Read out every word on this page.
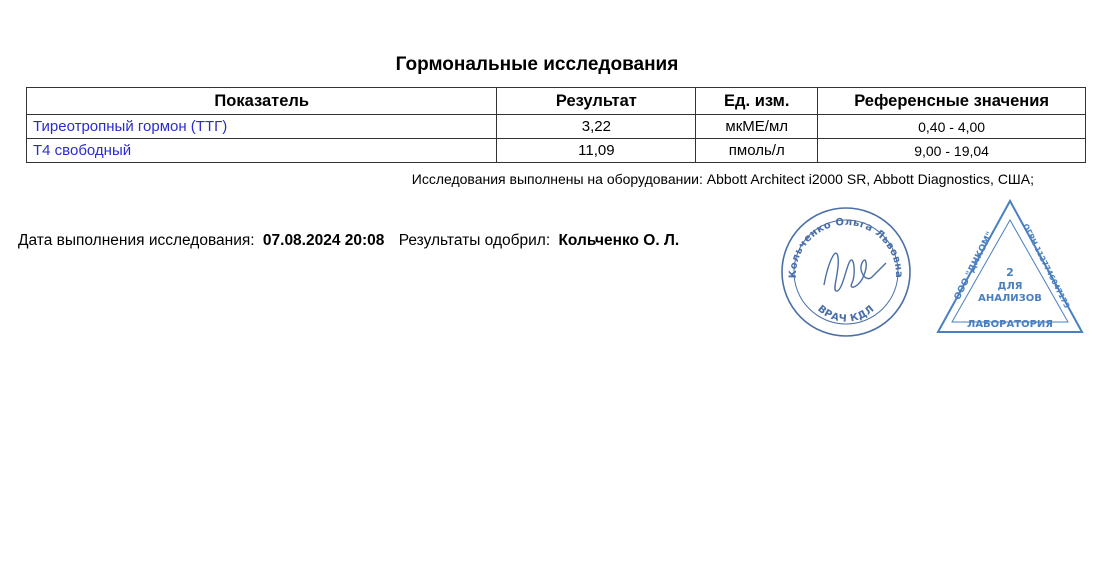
Гормональные исследования
Показатель	Результат	Ед. изм.	Референсные значения
Тиреотропный гормон (ТТГ)	3,22	мкМЕ/мл	0,40 - 4,00
Т4 свободный	11,09	пмоль/л	9,00 - 19,04
Исследования выполнены на оборудовании: Abbott Architect i2000 SR, Abbott Diagnostics, США;
Дата выполнения исследования: 07.08.2024 20:08 Результаты одобрил: Кольченко О. Л.
Кольченко Ольга Львовна
ВРАЧ КДЛ
ООО "ДНКОМ"
ОГРН 1127746047175
2
ДЛЯ
АНАЛИЗОВ
ЛАБОРАТОРИЯ
